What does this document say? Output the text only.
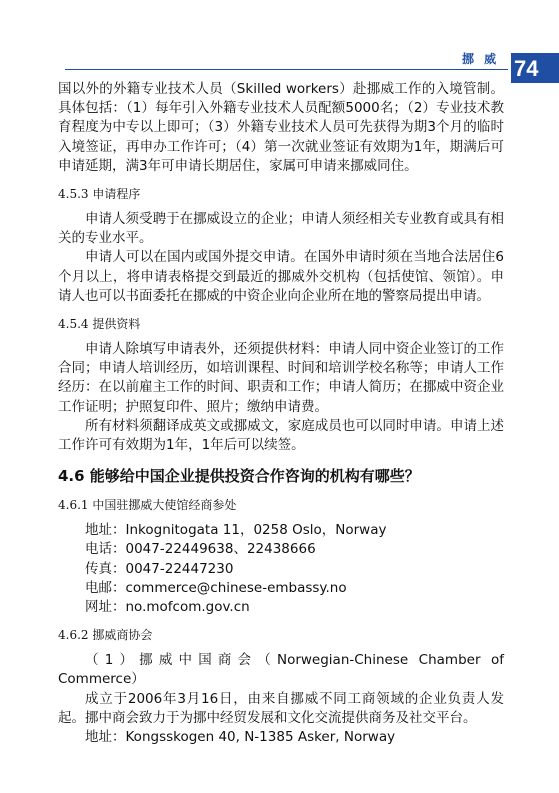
挪 威 74

国以外的外籍专业技术人员（Skilled workers）赴挪威工作的入境管制。具体包括：（1）每年引入外籍专业技术人员配额5000名；（2）专业技术教育程度为中专以上即可；（3）外籍专业技术人员可先获得为期3个月的临时入境签证，再申办工作许可；（4）第一次就业签证有效期为1年，期满后可申请延期，满3年可申请长期居住，家属可申请来挪威同住。

4.5.3 申请程序

申请人须受聘于在挪威设立的企业；申请人须经相关专业教育或具有相关的专业水平。

申请人可以在国内或国外提交申请。在国外申请时须在当地合法居住6个月以上，将申请表格提交到最近的挪威外交机构（包括使馆、领馆）。申请人也可以书面委托在挪威的中资企业向企业所在地的警察局提出申请。

4.5.4 提供资料

申请人除填写申请表外，还须提供材料：申请人同中资企业签订的工作合同；申请人培训经历，如培训课程、时间和培训学校名称等；申请人工作经历：在以前雇主工作的时间、职责和工作；申请人简历；在挪威中资企业工作证明；护照复印件、照片；缴纳申请费。

所有材料须翻译成英文或挪威文，家庭成员也可以同时申请。申请上述工作许可有效期为1年，1年后可以续签。

4.6 能够给中国企业提供投资合作咨询的机构有哪些？
4.6.1 中国驻挪威大使馆经商参处

地址：Inkognitogata 11，0258 Oslo，Norway

电话：0047-22449638、22438666

传真：0047-22447230

电邮：commerce@chinese-embassy.no

网址：no.mofcom.gov.cn

4.6.2 挪威商协会

（1）挪威中国商会（Norwegian-Chinese Chamber of Commerce）

成立于2006年3月16日，由来自挪威不同工商领域的企业负责人发起。挪中商会致力于为挪中经贸发展和文化交流提供商务及社交平台。

地址：Kongsskogen 40, N-1385 Asker, Norway
